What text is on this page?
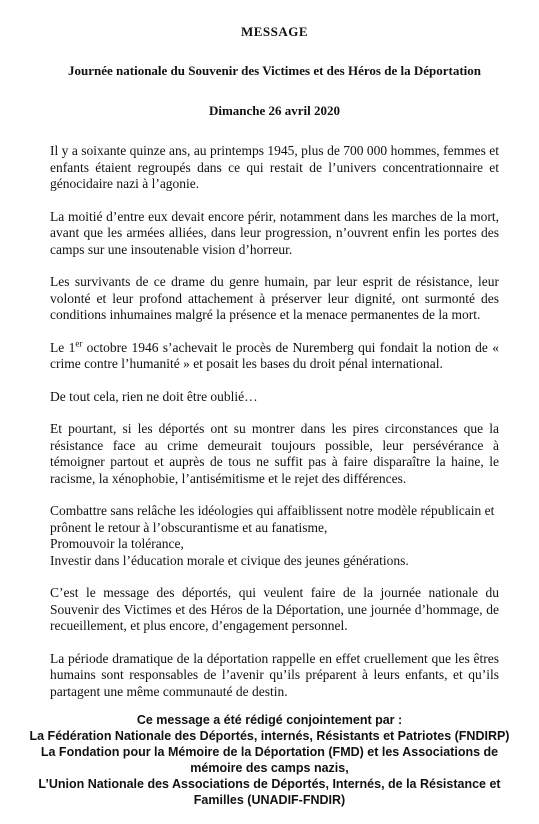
MESSAGE
Journée nationale du Souvenir des Victimes et des Héros de la Déportation
Dimanche 26 avril 2020

Il y a soixante quinze ans, au printemps 1945, plus de 700 000 hommes, femmes et enfants étaient regroupés dans ce qui restait de l’univers concentrationnaire et génocidaire nazi à l’agonie.

La moitié d’entre eux devait encore périr, notamment dans les marches de la mort, avant que les armées alliées, dans leur progression, n’ouvrent enfin les portes des camps sur une insoutenable vision d’horreur.

Les survivants de ce drame du genre humain, par leur esprit de résistance, leur volonté et leur profond attachement à préserver leur dignité, ont surmonté des conditions inhumaines malgré la présence et la menace permanentes de la mort.

Le 1er octobre 1946 s’achevait le procès de Nuremberg qui fondait la notion de « crime contre l’humanité » et posait les bases du droit pénal international.

De tout cela, rien ne doit être oublié…

Et pourtant, si les déportés ont su montrer dans les pires circonstances que la résistance face au crime demeurait toujours possible, leur persévérance à témoigner partout et auprès de tous ne suffit pas à faire disparaître la haine, le racisme, la xénophobie, l’antisémitisme et le rejet des différences.

Combattre sans relâche les idéologies qui affaiblissent notre modèle républicain et prônent le retour à l’obscurantisme et au fanatisme,
Promouvoir la tolérance,
Investir dans l’éducation morale et civique des jeunes générations.

C’est le message des déportés, qui veulent faire de la journée nationale du Souvenir des Victimes et des Héros de la Déportation, une journée d’hommage, de recueillement, et plus encore, d’engagement personnel.

La période dramatique de la déportation rappelle en effet cruellement que les êtres humains sont responsables de l’avenir qu’ils préparent à leurs enfants, et qu’ils partagent une même communauté de destin.

Ce message a été rédigé conjointement par :
La Fédération Nationale des Déportés, internés, Résistants et Patriotes (FNDIRP)
La Fondation pour la Mémoire de la Déportation (FMD) et les Associations de
mémoire des camps nazis,
L’Union Nationale des Associations de Déportés, Internés, de la Résistance et
Familles (UNADIF-FNDIR)
